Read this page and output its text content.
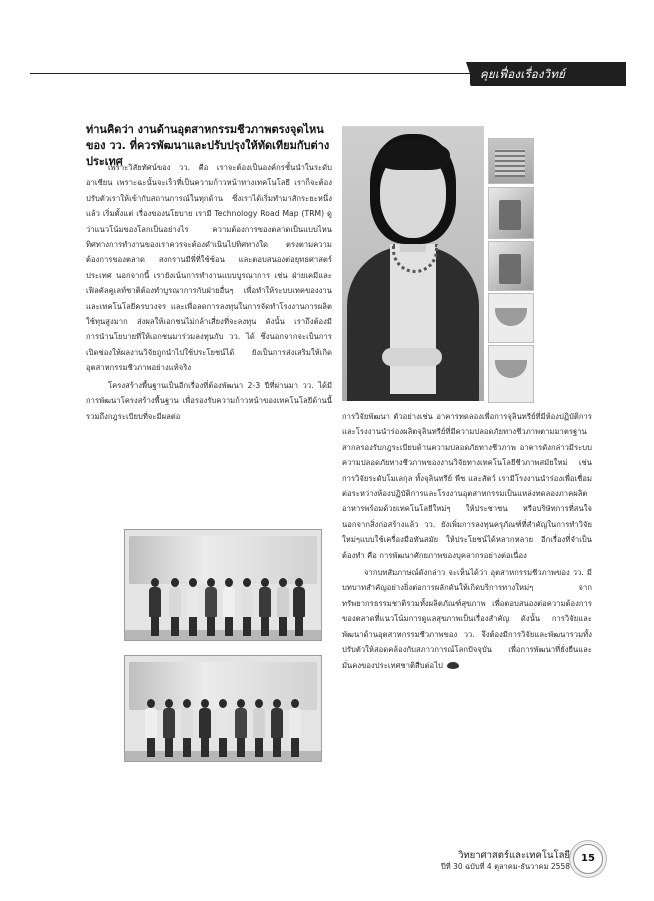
คุยเฟื่องเรื่องวิทย์
ท่านคิดว่า งานด้านอุตสาหกรรมชีวภาพตรงจุดไหนของ วว. ที่ควรพัฒนาและปรับปรุงให้ทัดเทียมกับต่างประเทศ

เพราะวิสัยทัศน์ของ วว. คือ เราจะต้องเป็นองค์กรชั้นนำในระดับอาเซียน เพราะฉะนั้นจะเร็วที่เป็นความก้าวหน้าทางเทคโนโลยี เราก็จะต้องปรับตัวเราให้เข้ากับสถานการณ์ในทุกด้าน ซึ่งเราได้เริ่มทำมาสักระยะหนึ่งแล้ว เริ่มตั้งแต่ เรื่องของนโยบาย เรามี Technology Road Map (TRM) ดูว่าแนวโน้มของโลกเป็นอย่างไร ความต้องการของตลาดเป็นแบบไหน ทิศทางการทำงานของเราควรจะต้องดำเนินไปทิศทางใด ตรงตามความต้องการของตลาด สงกรานมีพี่ที่ใช้ซ้อน และตอบสนองต่อยุทธศาสตร์ประเทศ นอกจากนี้ เรายังเน้นการทำงานแบบบูรณาการ เช่น ฝ่ายเคมีและเฟิลคัลคูเลท์ชาติต้องทำบูรณาการกับฝ่ายอื่นๆ เพื่อทำให้ระบบเทคของงานและเทคโนโลยีครบวงจร และเพื่อลดการลงทุนในการจัดทำโรงงานการผลิตใช้ทุนสูงมาก ส่งผลให้เอกชนไม่กล้าเสี่ยงที่จะลงทุน ดังนั้น เราถึงต้องมีการนำนโยบายที่ให้เอกชนมาร่วมลงทุนกับ วว. ได้ ซึ่งนอกจากจะเป็นการเปิดช่องให้ผลงานวิจัยถูกนำไปใช้ประโยชน์ได้ ยังเป็นการส่งเสริมให้เกิดอุตสาหกรรมชีวภาพอย่างแท้จริง

โครงสร้างพื้นฐานเป็นอีกเรื่องที่ต้องพัฒนา 2-3 ปีที่ผ่านมา วว. ได้มีการพัฒนาโครงสร้างพื้นฐาน เพื่อรองรับความก้าวหน้าของเทคโนโลยีด้านนี้ รวมถึงกฎระเบียบที่จะมีผลต่อ	การวิจัยพัฒนา ตัวอย่างเช่น อาคารทดลองเพื่อการจุลินทรีย์ที่มีห้องปฏิบัติการและโรงงานนำร่องผลิตจุลินทรีย์ที่มีความปลอดภัยทางชีวภาพตามมาตรฐานสากลรองรับกฎระเบียบด้านความปลอดภัยทางชีวภาพ อาคารดังกล่าวมีระบบความปลอดภัยทางชีวภาพของงานวิจัยทางเทคโนโลยีชีวภาพสมัยใหม่ เช่น การวิจัยระดับโมเลกุล ทั้งจุลินทรีย์ พืช และสัตว์ เรามีโรงงานนำร่องเพื่อเชื่อมต่อระหว่างห้องปฏิบัติการและโรงงานอุตสาหกรรมเป็นแหล่งทดลองภาคผลิตอาหารพร้อมด้วยเทคโนโลยีใหม่ๆ ให้ประชาชน หรือบริษัทการที่สนใจนอกจากสิ่งก่อสร้างแล้ว วว. ยังเพิ่มการลงทุนครุภัณฑ์ที่สำคัญในการทำวิจัยใหม่ๆแบบใช้เครื่องมือทันสมัย ให้ประโยชน์ได้หลากหลาย อีกเรื่องที่จำเป็นต้องทำ คือ การพัฒนาศักยภาพของบุคลากรอย่างต่อเนื่อง

จากบทสัมภาษณ์ดังกล่าว จะเห็นได้ว่า อุตสาหกรรมชีวภาพของ วว. มีบทบาทสำคัญอย่างยิ่งต่อการผลักดันให้เกิดบริการทางใหม่ๆ จากทรัพยากรธรรมชาติรวมทั้งผลิตภัณฑ์สุขภาพ เพื่อตอบสนองต่อความต้องการของตลาดที่แนวโน้มการดูแลสุขภาพเป็นเรื่องสำคัญ ดังนั้น การวิจัยและพัฒนาด้านอุตสาหกรรมชีวภาพของ วว. จึงต้องมีการวิจัยและพัฒนารวมทั้งปรับตัวให้สอดคล้องกับสภาวการณ์โลกปัจจุบัน เพื่อการพัฒนาที่ยั่งยืนและมั่นคงของประเทศชาติสืบต่อไป

วิทยาศาสตร์และเทคโนโลยี
ปีที่ 30 ฉบับที่ 4 ตุลาคม-ธันวาคม 2558
15
